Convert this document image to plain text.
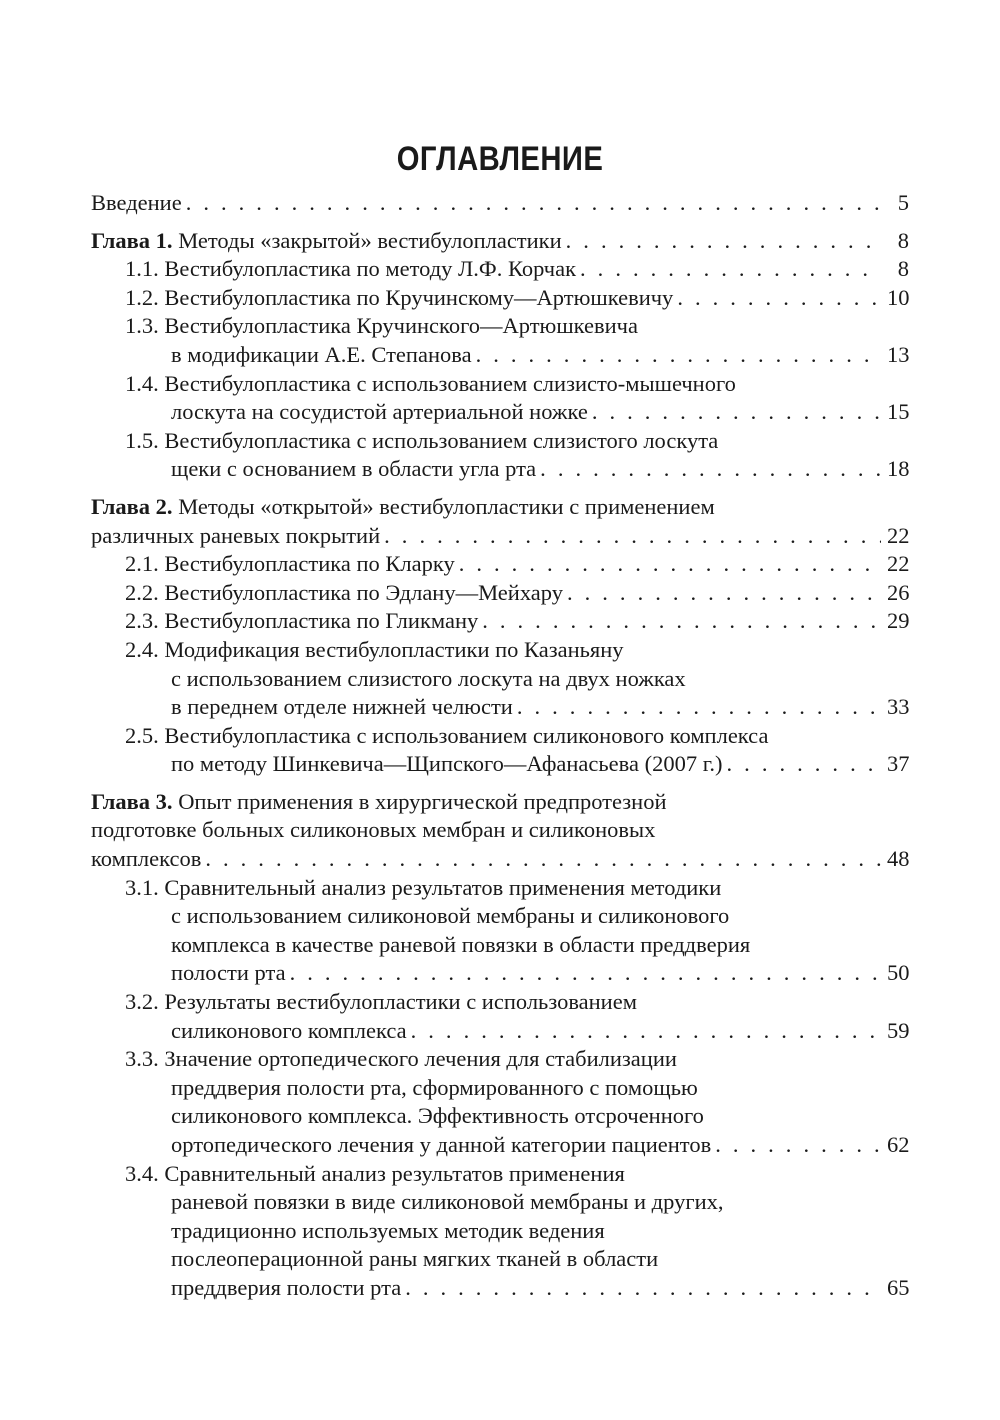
ОГЛАВЛЕНИЕ
Введение . . .	5
Глава 1. Методы «закрытой» вестибулопластики . . .	8
1.1. Вестибулопластика по методу Л.Ф. Корчак . . .	8
1.2. Вестибулопластика по Кручинскому—Артюшкевичу . . .	10
1.3. Вестибулопластика Кручинского—Артюшкевича
в модификации А.Е. Степанова . . .	13
1.4. Вестибулопластика с использованием слизисто-мышечного
лоскута на сосудистой артериальной ножке . . .	15
1.5. Вестибулопластика с использованием слизистого лоскута
щеки с основанием в области угла рта . . .	18
Глава 2. Методы «открытой» вестибулопластики с применением
различных раневых покрытий . . .	22
2.1. Вестибулопластика по Кларку . . .	22
2.2. Вестибулопластика по Эдлану—Мейхару . . .	26
2.3. Вестибулопластика по Гликману . . .	29
2.4. Модификация вестибулопластики по Казаньяну
с использованием слизистого лоскута на двух ножках
в переднем отделе нижней челюсти . . .	33
2.5. Вестибулопластика с использованием силиконового комплекса
по методу Шинкевича—Щипского—Афанасьева (2007 г.) . . .	37
Глава 3. Опыт применения в хирургической предпротезной
подготовке больных силиконовых мембран и силиконовых
комплексов . . .	48
3.1. Сравнительный анализ результатов применения методики
с использованием силиконовой мембраны и силиконового
комплекса в качестве раневой повязки в области преддверия
полости рта . . .	50
3.2. Результаты вестибулопластики с использованием
силиконового комплекса . . .	59
3.3. Значение ортопедического лечения для стабилизации
преддверия полости рта, сформированного с помощью
силиконового комплекса. Эффективность отсроченного
ортопедического лечения у данной категории пациентов . . .	62
3.4. Сравнительный анализ результатов применения
раневой повязки в виде силиконовой мембраны и других,
традиционно используемых методик ведения
послеоперационной раны мягких тканей в области
преддверия полости рта . . .	65
